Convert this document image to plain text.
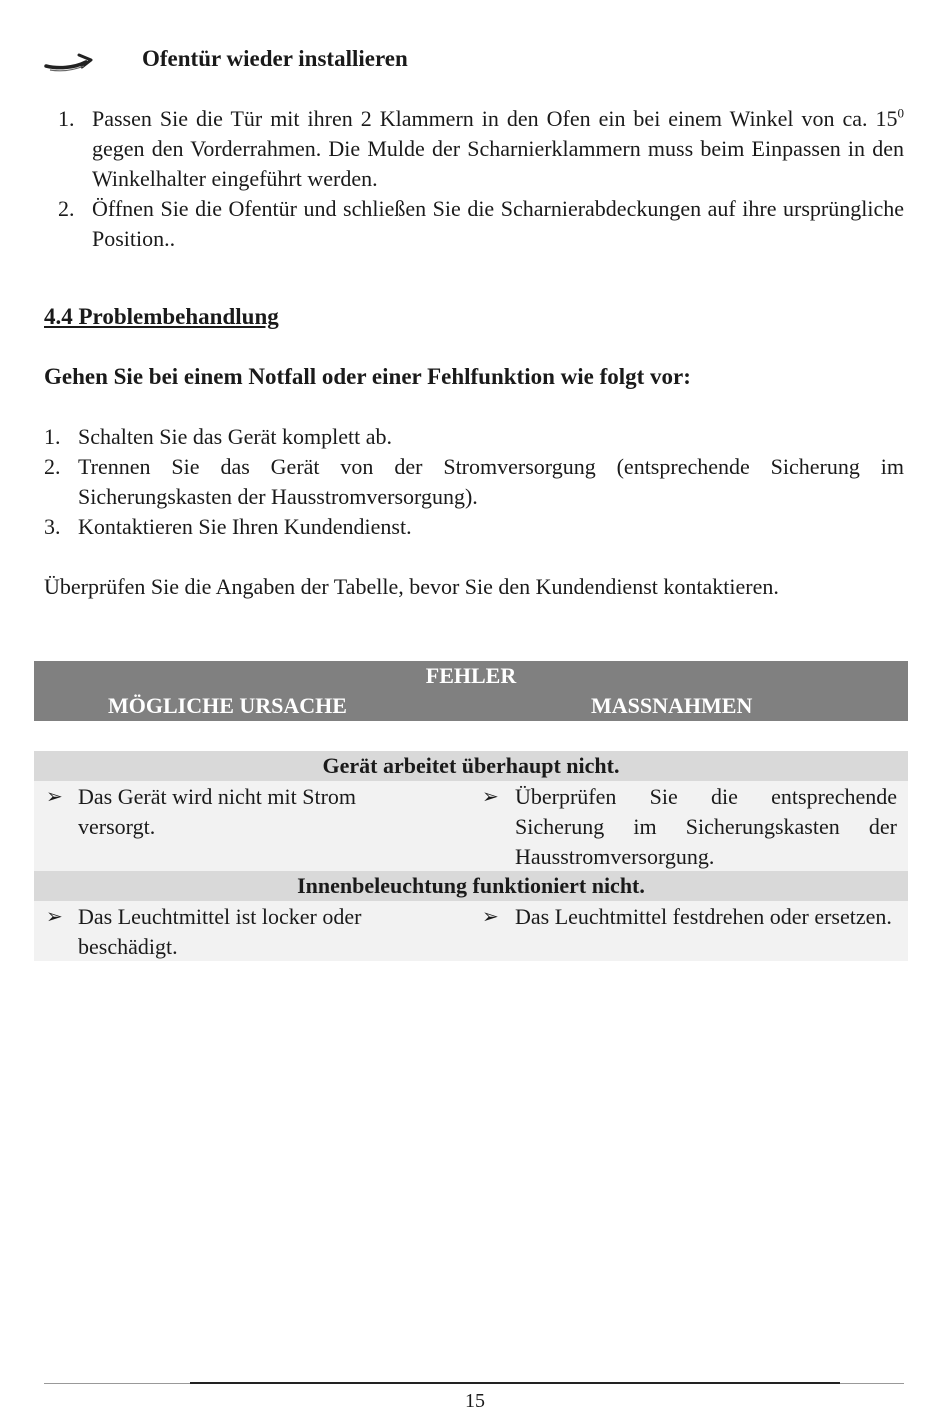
Ofentür wieder installieren
1. Passen Sie die Tür mit ihren 2 Klammern in den Ofen ein bei einem Winkel von ca. $15^0$ gegen den Vorderrahmen. Die Mulde der Scharnierklammern muss beim Einpassen in den Winkelhalter eingeführt werden.
2. Öffnen Sie die Ofentür und schließen Sie die Scharnierabdeckungen auf ihre ursprüngliche Position..
4.4 Problembehandlung
Gehen Sie bei einem Notfall oder einer Fehlfunktion wie folgt vor:
1. Schalten Sie das Gerät komplett ab.
2. Trennen Sie das Gerät von der Stromversorgung (entsprechende Sicherung im Sicherungskasten der Hausstromversorgung).
3. Kontaktieren Sie Ihren Kundendienst.
Überprüfen Sie die Angaben der Tabelle, bevor Sie den Kundendienst kontaktieren.
FEHLER
MÖGLICHE URSACHE	MASSNAHMEN
Gerät arbeitet überhaupt nicht.
➢ Das Gerät wird nicht mit Strom versorgt.
➢ Überprüfen Sie die entsprechende Sicherung im Sicherungskasten der Hausstromversorgung.
Innenbeleuchtung funktioniert nicht.
➢ Das Leuchtmittel ist locker oder beschädigt.
➢ Das Leuchtmittel festdrehen oder ersetzen.
15
